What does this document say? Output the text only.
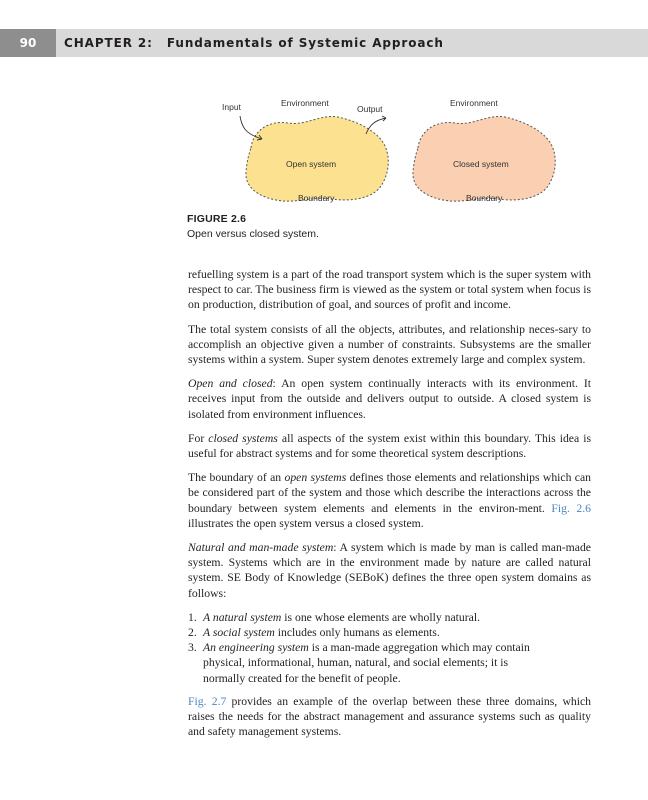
90	CHAPTER 2: Fundamentals of Systemic Approach
Input	Environment
Output
Environment
Open system	Closed system
Boundary	Boundary
FIGURE 2.6
Open versus closed system.

refuelling system is a part of the road transport system which is the super system with respect to car. The business firm is viewed as the system or total system when focus is on production, distribution of goal, and sources of profit and income.

The total system consists of all the objects, attributes, and relationship neces-sary to accomplish an objective given a number of constraints. Subsystems are the smaller systems within a system. Super system denotes extremely large and complex system.

Open and closed: An open system continually interacts with its environment. It receives input from the outside and delivers output to outside. A closed system is isolated from environment influences.

For closed systems all aspects of the system exist within this boundary. This idea is useful for abstract systems and for some theoretical system descriptions.

The boundary of an open systems defines those elements and relationships which can be considered part of the system and those which describe the interactions across the boundary between system elements and elements in the environ-ment. Fig. 2.6 illustrates the open system versus a closed system.

Natural and man-made system: A system which is made by man is called man-made system. Systems which are in the environment made by nature are called natural system. SE Body of Knowledge (SEBoK) defines the three open system domains as follows:

1. A natural system is one whose elements are wholly natural.
2. A social system includes only humans as elements.
3. An engineering system is a man-made aggregation which may contain
physical, informational, human, natural, and social elements; it is
normally created for the benefit of people.

Fig. 2.7 provides an example of the overlap between these three domains, which raises the needs for the abstract management and assurance systems such as quality and safety management systems.
